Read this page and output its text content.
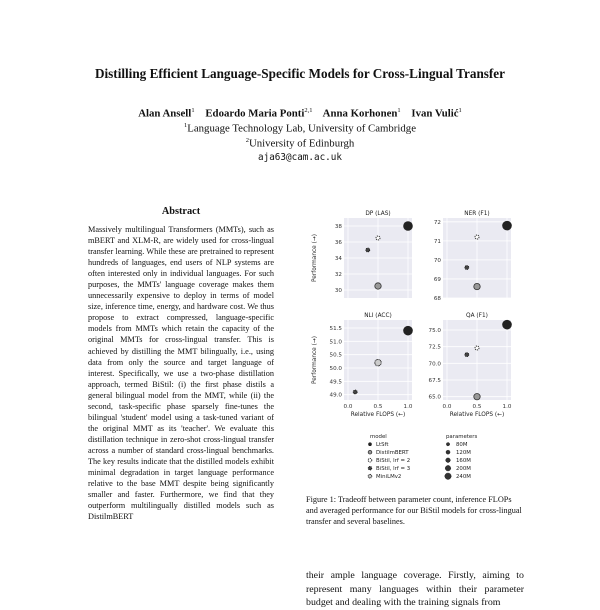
Distilling Efficient Language-Specific Models for Cross-Lingual Transfer
Alan Ansell$^1$ Edoardo Maria Ponti$^{2,1}$ Anna Korhonen$^1$ Ivan Vulić$^1$
$^1$Language Technology Lab, University of Cambridge
$^2$University of Edinburgh
aja63@cam.ac.uk
Abstract

Massively multilingual Transformers (MMTs), such as mBERT and XLM-R, are widely used for cross-lingual transfer learning. While these are pretrained to represent hundreds of languages, end users of NLP systems are often interested only in individual languages. For such purposes, the MMTs' language coverage makes them unnecessarily expensive to deploy in terms of model size, inference time, energy, and hardware cost. We thus propose to extract compressed, language-specific models from MMTs which retain the capacity of the original MMTs for cross-lingual transfer. This is achieved by distilling the MMT bilingually, i.e., using data from only the source and target language of interest. Specifically, we use a two-phase distillation approach, termed BiStil: (i) the first phase distils a general bilingual model from the MMT, while (ii) the second, task-specific phase sparsely fine-tunes the bilingual 'student' model using a task-tuned variant of the original MMT as its 'teacher'. We evaluate this distillation technique in zero-shot cross-lingual transfer across a number of standard cross-lingual benchmarks. The key results indicate that the distilled models exhibit minimal degradation in target language performance relative to the base MMT despite being significantly smaller and faster. Furthermore, we find that they outperform multilingually distilled models such as DistilmBERT

30
32
34
36
38
DP (LAS)
Performance (→)
68
69
70
71
72
NER (F1)
49.0
49.5
50.0
50.5
51.0
51.5
0.0	0.5	1.0
Relative FLOPS (←)
NLI (ACC)
Performance (→)
65.0
67.5
70.0
72.5
75.0
0.0	0.5	1.0
Relative FLOPS (←)
QA (F1)
model	parameters
LtSft
DistilmBERT
BiStil, lrf = 2
BiStil, lrf = 3
MiniLMv2
80M
120M
160M
200M
240M

Figure 1: Tradeoff between parameter count, inference FLOPs and averaged performance for our BiStil models for cross-lingual transfer and several baselines.

their ample language coverage. Firstly, aiming to represent many languages within their parameter budget and dealing with the training signals from
